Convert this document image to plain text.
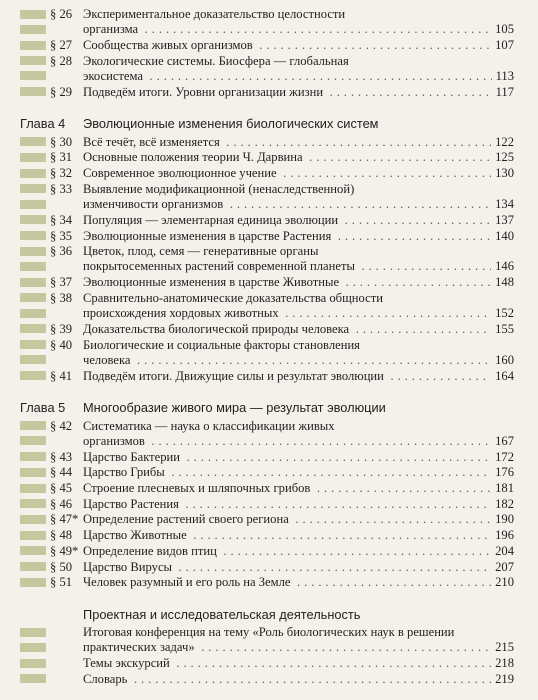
§ 26 Экспериментальное доказательство целостности
организма . . .	105
§ 27 Сообщества живых организмов . . .	107
§ 28 Экологические системы. Биосфера — глобальная
экосистема . . .	113
§ 29 Подведём итоги. Уровни организации жизни . . .	117
Глава 4 Эволюционные изменения биологических систем
§ 30 Всё течёт, всё изменяется . . .	122
§ 31 Основные положения теории Ч. Дарвина . . .	125
§ 32 Современное эволюционное учение . . .	130
§ 33 Выявление модификационной (ненаследственной)
изменчивости организмов . . .	134
§ 34 Популяция — элементарная единица эволюции . . .	137
§ 35 Эволюционные изменения в царстве Растения . . .	140
§ 36 Цветок, плод, семя — генеративные органы
покрытосеменных растений современной планеты . . .	146
§ 37 Эволюционные изменения в царстве Животные . . .	148
§ 38 Сравнительно-анатомические доказательства общности
происхождения хордовых животных . . .	152
§ 39 Доказательства биологической природы человека . . .	155
§ 40 Биологические и социальные факторы становления
человека . . .	160
§ 41 Подведём итоги. Движущие силы и результат эволюции . . .	164
Глава 5 Многообразие живого мира — результат эволюции
§ 42 Систематика — наука о классификации живых
организмов . . .	167
§ 43 Царство Бактерии . . .	172
§ 44 Царство Грибы . . .	176
§ 45 Строение плесневых и шляпочных грибов . . .	181
§ 46 Царство Растения . . .	182
§ 47* Определение растений своего региона . . .	190
§ 48 Царство Животные . . .	196
§ 49* Определение видов птиц . . .	204
§ 50 Царство Вирусы . . .	207
§ 51 Человек разумный и его роль на Земле . . .	210
Проектная и исследовательская деятельность
Итоговая конференция на тему «Роль биологических наук в решении
практических задач» . . .	215
Темы экскурсий . . .	218
Словарь . . .	219
